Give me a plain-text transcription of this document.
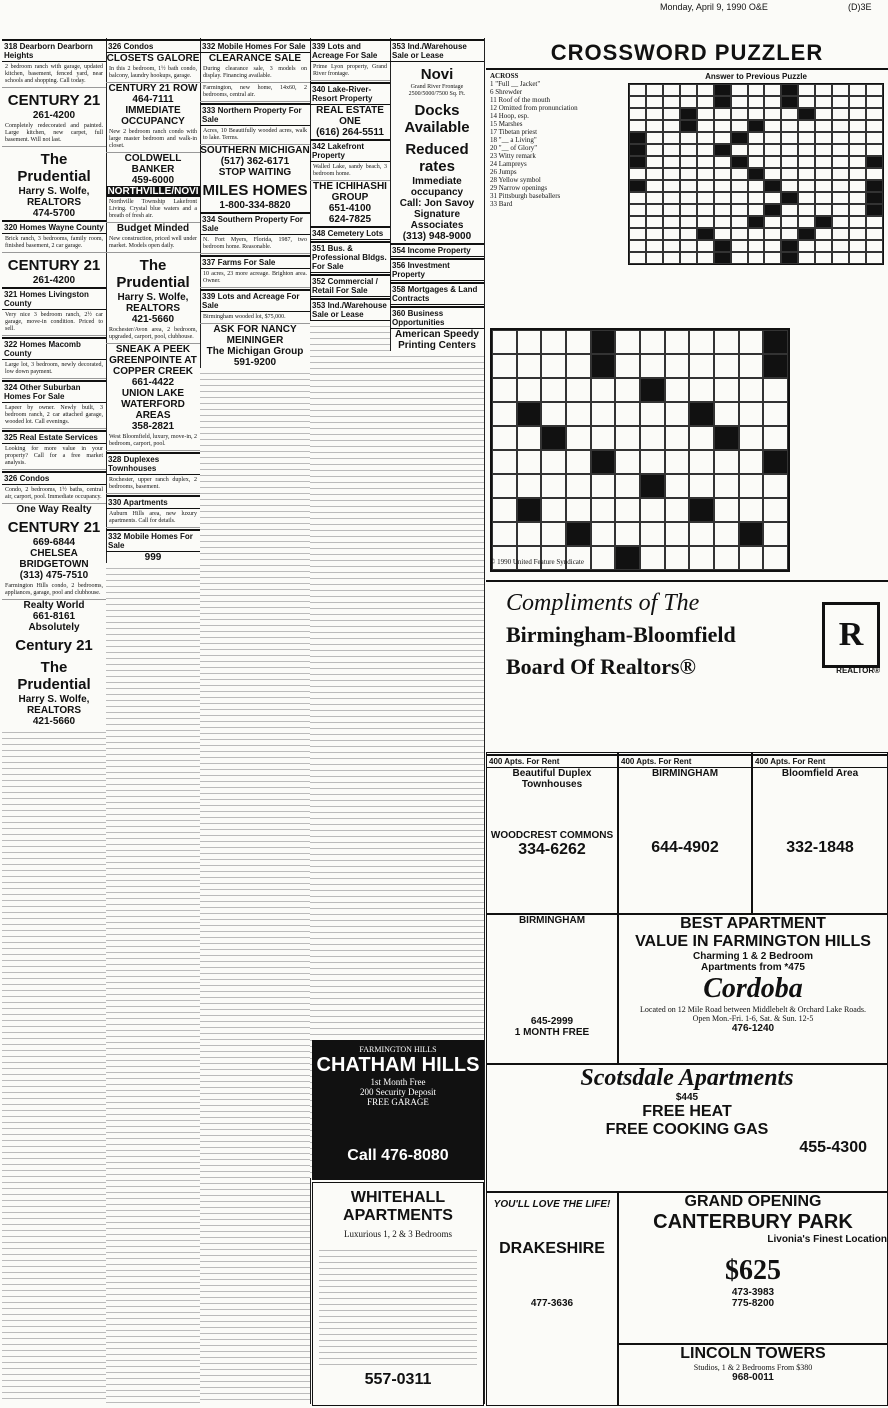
Monday, April 9, 1990 O&E	(D)3E
318 Dearborn Dearborn Heights

2 bedroom ranch with garage, updated kitchen, basement, fenced yard, near schools and shopping. Call today.

CENTURY 21
261-4200

Completely redecorated and painted. Large kitchen, new carpet, full basement. Will not last.

The Prudential
Harry S. Wolfe, REALTORS
474-5700
320 Homes Wayne County

Brick ranch, 3 bedrooms, family room, finished basement, 2 car garage.

CENTURY 21
261-4200
321 Homes Livingston County

Very nice 3 bedroom ranch, 2½ car garage, move-in condition. Priced to sell.

322 Homes Macomb County

Large lot, 3 bedroom, newly decorated, low down payment.

324 Other Suburban Homes For Sale

Lapeer by owner. Newly built, 3 bedroom ranch, 2 car attached garage, wooded lot. Call evenings.

325 Real Estate Services

Looking for more value in your property? Call for a free market analysis.

326 Condos

Condo, 2 bedrooms, 1½ baths, central air, carport, pool. Immediate occupancy.

One Way Realty
CENTURY 21
669-6844
CHELSEA BRIDGETOWN
(313) 475-7510

Farmington Hills condo, 2 bedrooms, appliances, garage, pool and clubhouse.

Realty World
661-8161
Absolutely
Century 21
The Prudential
Harry S. Wolfe, REALTORS
421-5660
326 Condos
CLOSETS GALORE

In this 2 bedroom, 1½ bath condo, balcony, laundry hookups, garage.

CENTURY 21 ROW
464-7111
IMMEDIATE OCCUPANCY

New 2 bedroom ranch condo with large master bedroom and walk-in closet.

COLDWELL BANKER
459-6000
NORTHVILLE/NOVI

Northville Township Lakefront Living. Crystal blue waters and a breath of fresh air.

Budget Minded

New construction, priced well under market. Models open daily.

The Prudential
Harry S. Wolfe, REALTORS
421-5660

Rochester/Avon area, 2 bedroom, upgraded, carport, pool, clubhouse.

SNEAK A PEEK GREENPOINTE AT COPPER CREEK
661-4422
UNION LAKE WATERFORD AREAS
358-2821

West Bloomfield, luxury, move-in, 2 bedroom, carport, pool.

328 Duplexes Townhouses

Rochester, upper ranch duplex, 2 bedrooms, basement.

330 Apartments

Auburn Hills area, new luxury apartments. Call for details.

332 Mobile Homes For Sale
999
332 Mobile Homes For Sale
CLEARANCE SALE

During clearance sale, 3 models on display. Financing available.

Farmington, new home, 14x60, 2 bedrooms, central air.

333 Northern Property For Sale

Acres, 10 Beautifully wooded acres, walk to lake. Terms.

SOUTHERN MICHIGAN
(517) 362-6171
STOP WAITING
MILES HOMES
1-800-334-8820
334 Southern Property For Sale

N. Fort Myers, Florida, 1987, two bedroom home. Reasonable.

337 Farms For Sale

10 acres, 23 more acreage. Brighton area. Owner.

339 Lots and Acreage For Sale

Birmingham wooded lot, $75,000.

ASK FOR NANCY MEININGER
The Michigan Group
591-9200
WHITEHALL APARTMENTS
Luxurious 1, 2 & 3 Bedrooms
557-0311
339 Lots and Acreage For Sale

Prime Lyon property, Grand River frontage.

340 Lake-River-Resort Property
REAL ESTATE ONE
(616) 264-5511
342 Lakefront Property

Walled Lake, sandy beach, 3 bedroom home.

THE ICHIHASHI GROUP
651-4100
624-7825
348 Cemetery Lots
351 Bus. & Professional Bldgs. For Sale
352 Commercial / Retail For Sale
353 Ind./Warehouse Sale or Lease
353 Ind./Warehouse Sale or Lease
Novi
Grand River Frontage
2500/5000/7500 Sq. Ft.
Docks Available
Reduced rates
Immediate occupancy
Call: Jon Savoy
Signature Associates
(313) 948-9000
354 Income Property
356 Investment Property
358 Mortgages & Land Contracts
360 Business Opportunities
American Speedy Printing Centers
FARMINGTON HILLS
CHATHAM HILLS
1st Month Free
200 Security Deposit
FREE GARAGE
Call 476-8080
CROSSWORD PUZZLER
ACROSS
1 "Full __ Jacket"
6 Shrewder
11 Roof of the mouth
12 Omitted from pronunciation
14 Hoop, esp.
15 Marshes
17 Tibetan priest
18 "__ a Living"
20 "__ of Glory"
23 Witty remark
24 Lampreys
26 Jumps
28 Yellow symbol
29 Narrow openings
31 Pittsburgh baseballers
33 Bard
Answer to Previous Puzzle
© 1990 United Feature Syndicate
Compliments of The
Birmingham-Bloomfield
Board Of Realtors®
R
REALTOR®
400 Apts. For Rent
Beautiful Duplex Townhouses
WOODCREST COMMONS
334-6262
400 Apts. For Rent
BIRMINGHAM
644-4902
400 Apts. For Rent
Bloomfield Area
332-1848
BEST APARTMENT
VALUE IN FARMINGTON HILLS
Charming 1 & 2 Bedroom
Apartments from *475
Cordoba
Located on 12 Mile Road between Middlebelt & Orchard Lake Roads.
Open Mon.-Fri. 1-6, Sat. & Sun. 12-5
476-1240
BIRMINGHAM
645-2999
1 MONTH FREE
Scotsdale Apartments
$445
FREE HEAT
FREE COOKING GAS
455-4300
GRAND OPENING
CANTERBURY PARK
Livonia's Finest Location
$625
473-3983
775-8200
YOU'LL LOVE THE LIFE!
DRAKESHIRE
477-3636
LINCOLN TOWERS
Studios, 1 & 2 Bedrooms From $380
968-0011
